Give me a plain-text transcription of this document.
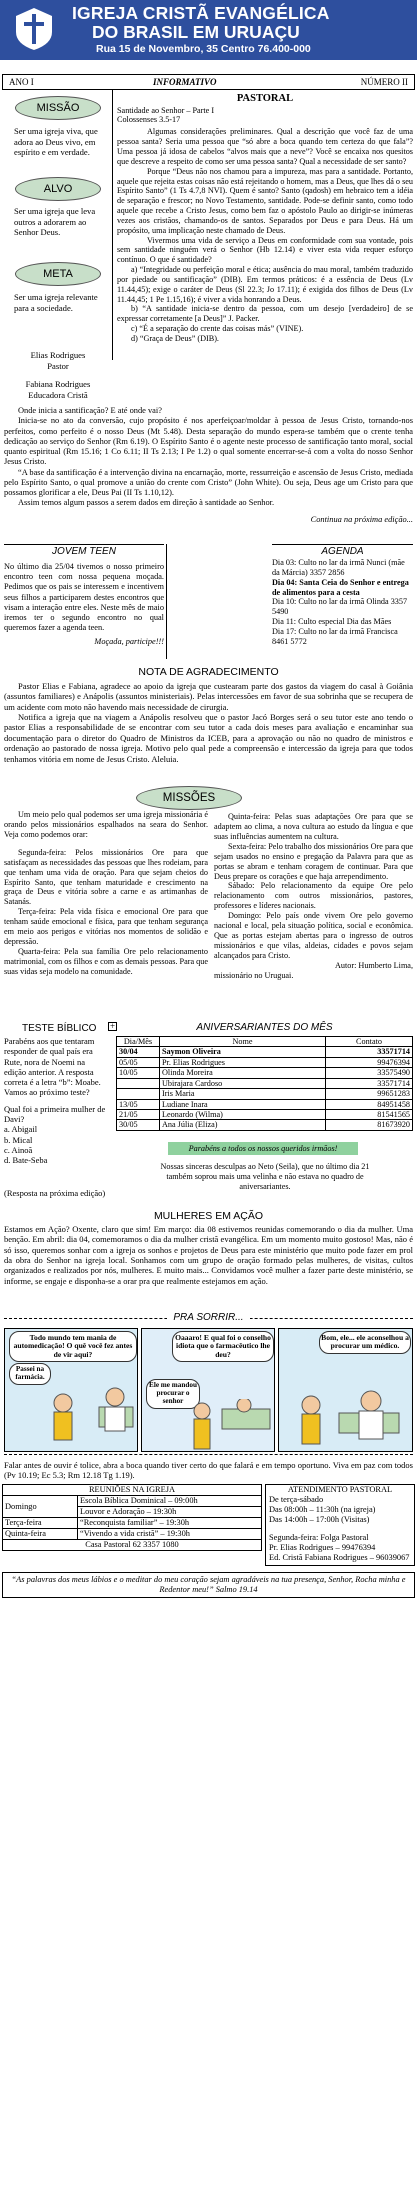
IGREJA CRISTÃ EVANGÉLICA
DO BRASIL EM URUAÇU
Rua 15 de Novembro, 35 Centro 76.400-000
ANO I	INFORMATIVO	NÚMERO II
MISSÃO
Ser uma igreja viva, que adora ao Deus vivo, em espírito e em verdade.
ALVO
Ser uma igreja que leva outros a adorarem ao Senhor Deus.
META
Ser uma igreja relevante para a sociedade.
Elias Rodrigues
Pastor
Fabiana Rodrigues
Educadora Cristã
PASTORAL
Santidade ao Senhor – Parte I
Colossenses 3.5-17
Algumas considerações preliminares. Qual a descrição que você faz de uma pessoa santa? Seria uma pessoa que “só abre a boca quando tem certeza do que fala”? Uma pessoa já idosa de cabelos “alvos mais que a neve”? Você se encaixa nos quesitos que descreve a respeito de como ser uma pessoa santa? Qual a necessidade de ser santo?
Porque “Deus não nos chamou para a impureza, mas para a santidade. Portanto, aquele que rejeita estas coisas não está rejeitando o homem, mas a Deus, que lhes dá o seu Espírito Santo” (1 Ts 4.7,8 NVI). Quem é santo? Santo (qadosh) em hebraico tem a idéia de separação e frescor; no Novo Testamento, santidade. Pode-se definir santo, como todo aquele que recebe a Cristo Jesus, como bem faz o apóstolo Paulo ao dirigir-se inúmeras vezes aos cristãos, chamando-os de santos. Separados por Deus e para Deus. Há um propósito, uma implicação neste chamado de Deus.
Vivermos uma vida de serviço a Deus em conformidade com sua vontade, pois sem santidade ninguém verá o Senhor (Hb 12.14) e viver esta vida requer esforço contínuo. O que é santidade?
a) “Integridade ou perfeição moral e ética; ausência do mau moral, também traduzido por piedade ou santificação” (DIB). Em termos práticos: é a essência de Deus (Lv 11.44,45); exige o caráter de Deus (Sl 22.3; Jo 17.11); é exigida dos filhos de Deus (Lv 11.44,45; 1 Pe 1.15,16); é viver a vida honrando a Deus.
b) “A santidade inicia-se dentro da pessoa, com um desejo [verdadeiro] de se expressar corretamente [a Deus]” J. Packer.
c) “É a separação do crente das coisas más” (VINE).
d) “Graça de Deus” (DIB).
Onde inicia a santificação? E até onde vai?
Inicia-se no ato da conversão, cujo propósito é nos aperfeiçoar/moldar à pessoa de Jesus Cristo, tornando-nos perfeitos, como perfeito é o nosso Deus (Mt 5.48). Desta separação do mundo espera-se também que o crente tenha dedicação ao serviço do Senhor (Rm 6.19). O Espírito Santo é o agente neste processo de santificação tanto moral, social quanto espiritual (Rm 15.16; 1 Co 6.11; II Ts 2.13; I Pe 1.2) o qual somente encerrar-se-á com a volta do nosso Senhor Jesus Cristo.
“A base da santificação é a intervenção divina na encarnação, morte, ressurreição e ascensão de Jesus Cristo, mediada pelo Espírito Santo, o qual promove a união do crente com Cristo” (John White). Ou seja, Deus age um Cristo para que possamos glorificar a ele, Deus Pai (II Ts 1.10,12).
Assim temos algum passos a serem dados em direção à santidade ao Senhor.
Continua na próxima edição...
JOVEM TEEN
No último dia 25/04 tivemos o nosso primeiro encontro teen com nossa pequena moçada. Pedimos que os pais se interessem e incentivem seus filhos a participarem destes encontros que visam a interação entre eles. Neste mês de maio iremos ter o segundo encontro no qual queremos fazer a agenda teen.
Moçada, participe!!!
AGENDA
Dia 03: Culto no lar da irmã Nunci (mãe da Márcia) 3357 2856
Dia 04: Santa Ceia do Senhor e entrega de alimentos para a cesta
Dia 10: Culto no lar da irmã Olinda 3357 5490
Dia 11: Culto especial Dia das Mães
Dia 17: Culto no lar da irmã Francisca 8461 5772
NOTA DE AGRADECIMENTO
Pastor Elias e Fabiana, agradece ao apoio da igreja que custearam parte dos gastos da viagem do casal à Goiânia (assuntos familiares) e Anápolis (assuntos ministeriais). Pelas intercessões em favor de sua sobrinha que se recupera de um acidente com moto não havendo mais necessidade de cirurgia.
Notifica a igreja que na viagem a Anápolis resolveu que o pastor Jacó Borges será o seu tutor este ano tendo o pastor Elias a responsabilidade de se encontrar com seu tutor a cada dois meses para avaliação e encaminhar sua documentação para o diretor do Quadro de Ministros da ICEB, para a aprovação ou não no quadro de ministros e ordenação ao pastorado de nossa igreja. Motivo pelo qual pede a compreensão e intercessão da igreja para que todos tenhamos vitória em nome de Jesus Cristo. Aleluia.
MISSÕES
Um meio pelo qual podemos ser uma igreja missionária é orando pelos missionários espalhados na seara do Senhor. Veja como podemos orar:
Segunda-feira: Pelos missionários Ore para que satisfaçam as necessidades das pessoas que lhes rodeiam, para que tenham uma vida de oração. Para que sejam cheios do Espírito Santo, que tenham maturidade e crescimento na graça de Deus e vitória sobre a carne e as artimanhas de Satanás.
Terça-feira: Pela vida física e emocional Ore para que tenham saúde emocional e física, para que tenham segurança em meio aos perigos e vitórias nos momentos de solidão e depressão.
Quarta-feira: Pela sua família Ore pelo relacionamento matrimonial, com os filhos e com as demais pessoas. Para que suas vidas seja modelo na comunidade.
Quinta-feira: Pelas suas adaptações Ore para que se adaptem ao clima, a nova cultura ao estudo da língua e que suas influências aumentem na cultura.
Sexta-feira: Pelo trabalho dos missionários Ore para que sejam usados no ensino e pregação da Palavra para que as portas se abram e tenham coragem de continuar. Para que Deus prepare os corações e que haja arrependimento.
Sábado: Pelo relacionamento da equipe Ore pelo relacionamento com outros missionários, pastores, professores e líderes nacionais.
Domingo: Pelo país onde vivem Ore pelo governo nacional e local, pela situação política, social e econômica. Que as portas estejam abertas para o ingresso de outros missionários e que vilas, aldeias, cidades e povos sejam alcançados para Cristo.
Autor: Humberto Lima,
missionário no Uruguai.
TESTE BÍBLICO
Parabéns aos que tentaram responder de qual país era Rute, nora de Noemi na edição anterior. A resposta correta é a letra “b”: Moabe. Vamos ao próximo teste?
Qual foi a primeira mulher de Davi?
a. Abigail
b. Mical
c. Ainoã
d. Bate-Seba
(Resposta na próxima edição)
+	ANIVERSARIANTES DO MÊS
Dia/Mês	Nome	Contato
30/04	Saymon Oliveira	33571714
05/05	Pr. Elias Rodrigues	99476394
10/05	Olinda Moreira	33575490
	Ubirajara Cardoso	33571714
	Iris Maria	99651283
13/05	Ludiane Inara	84951458
21/05	Leonardo (Wilma)	81541565
30/05	Ana Júlia (Eliza)	81673920
Parabéns a todos os nossos queridos irmãos!
Nossas sinceras desculpas ao Neto (Seila), que no último dia 21 também soprou mais uma velinha e não estava no quadro de aniversariantes.
MULHERES EM AÇÃO
Estamos em Ação? Oxente, claro que sim! Em março: dia 08 estivemos reunidas comemorando o dia da mulher. Uma benção. Em abril: dia 04, comemoramos o dia da mulher cristã evangélica. Em um momento muito gostoso! Mas, não é só isso, queremos sonhar com a igreja os sonhos e projetos de Deus para este ministério que muito pode fazer em prol da obra do Senhor na igreja local. Sonhamos com um grupo de oração formado pelas mulheres, de visitas, cultos organizados e realizados por nós, mulheres. E muito mais... Convidamos você mulher a fazer parte deste ministério, se informe, se engaje e disponha-se a orar pra que realmente estejamos em ação.
PRA SORRIR...
Todo mundo tem mania de automedicação! O quê você fez antes de vir aqui?
Passei na farmácia.
Oaaaro! E qual foi o conselho idiota que o farmacêutico lhe deu?
Ele me mandou procurar o senhor
Bom, ele... ele aconselhou a procurar um médico.
Falar antes de ouvir é tolice, abra a boca quando tiver certo do que falará e em tempo oportuno. Viva em paz com todos (Pv 10.19; Ec 5.3; Rm 12.18 Tg 1.19).
REUNIÕES NA IGREJA	
Domingo	Escola Bíblica Dominical – 09:00h
	Louvor e Adoração – 19:30h
Terça-feira	“Reconquista familiar” – 19:30h
Quinta-feira	“Vivendo a vida cristã” – 19:30h
Casa Pastoral 62 3357 1080	
ATENDIMENTO PASTORAL
De terça-sábado
Das 08:00h – 11:30h (na igreja)
Das 14:00h – 17:00h (Visitas)
Segunda-feira: Folga Pastoral
Pr. Elias Rodrigues – 99476394
Ed. Cristã Fabiana Rodrigues – 96039067
“As palavras dos meus lábios e o meditar do meu coração sejam agradáveis na tua presença, Senhor, Rocha minha e Redentor meu!” Salmo 19.14
